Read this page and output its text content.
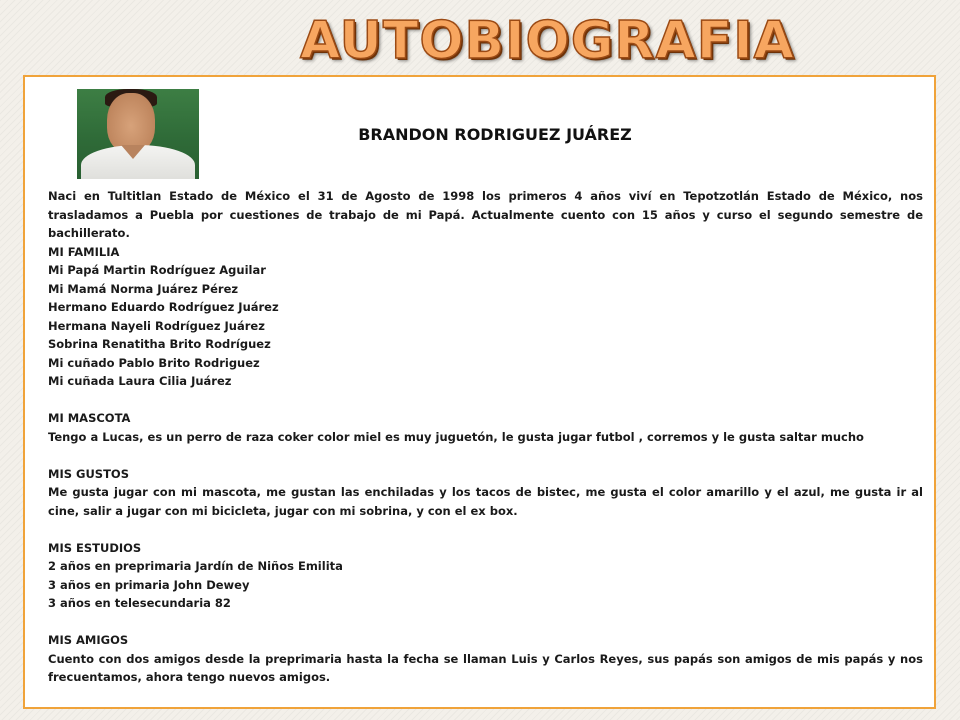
AUTOBIOGRAFIA
BRANDON RODRIGUEZ JUÁREZ
Naci en Tultitlan Estado de México el 31 de Agosto de 1998 los primeros 4 años viví en Tepotzotlán Estado de México, nos trasladamos a Puebla por cuestiones de trabajo de mi Papá. Actualmente cuento con 15 años y curso el segundo semestre de bachillerato.
MI FAMILIA
Mi Papá Martin Rodríguez Aguilar
Mi Mamá Norma Juárez Pérez
Hermano Eduardo Rodríguez Juárez
Hermana Nayeli Rodríguez Juárez
Sobrina Renatitha Brito Rodríguez
Mi cuñado Pablo Brito Rodriguez
Mi cuñada Laura Cilia Juárez
MI MASCOTA
Tengo a Lucas, es un perro de raza coker color miel es muy juguetón, le gusta jugar futbol , corremos y le gusta saltar mucho
MIS GUSTOS
Me gusta jugar con mi mascota, me gustan las enchiladas y los tacos de bistec, me gusta el color amarillo y el azul, me gusta ir al cine, salir a jugar con mi bicicleta, jugar con mi sobrina, y con el ex box.
MIS ESTUDIOS
2 años en preprimaria Jardín de Niños Emilita
3 años en primaria John Dewey
3 años en telesecundaria 82
MIS AMIGOS
Cuento con dos amigos desde la preprimaria hasta la fecha se llaman Luis y Carlos Reyes, sus papás son amigos de mis papás y nos frecuentamos, ahora tengo nuevos amigos.
